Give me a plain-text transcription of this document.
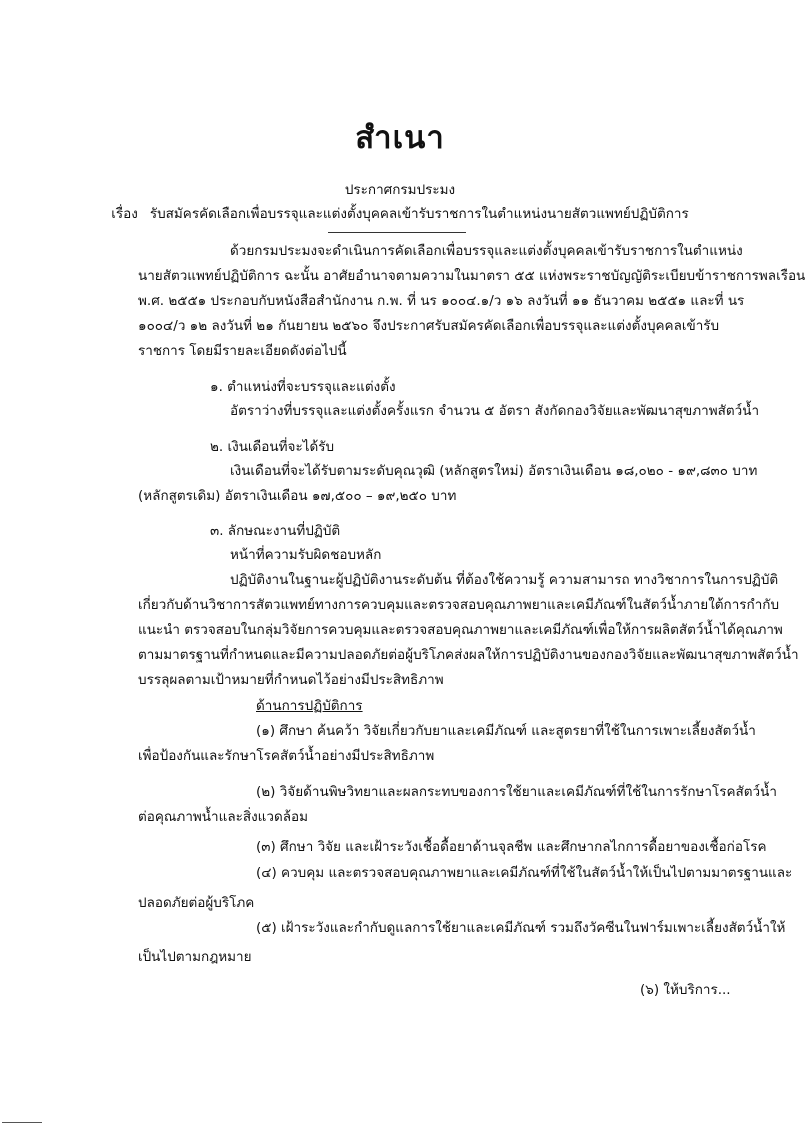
สำเนา
ประกาศกรมประมง
เรื่อง รับสมัครคัดเลือกเพื่อบรรจุและแต่งตั้งบุคคลเข้ารับราชการในตำแหน่งนายสัตวแพทย์ปฏิบัติการ
ด้วยกรมประมงจะดำเนินการคัดเลือกเพื่อบรรจุและแต่งตั้งบุคคลเข้ารับราชการในตำแหน่ง
นายสัตวแพทย์ปฏิบัติการ ฉะนั้น อาศัยอำนาจตามความในมาตรา ๕๕ แห่งพระราชบัญญัติระเบียบข้าราชการพลเรือน
พ.ศ. ๒๕๕๑ ประกอบกับหนังสือสำนักงาน ก.พ. ที่ นร ๑๐๐๔.๑/ว ๑๖ ลงวันที่ ๑๑ ธันวาคม ๒๕๕๑ และที่ นร
๑๐๐๔/ว ๑๒ ลงวันที่ ๒๑ กันยายน ๒๕๖๐ จึงประกาศรับสมัครคัดเลือกเพื่อบรรจุและแต่งตั้งบุคคลเข้ารับ
ราชการ โดยมีรายละเอียดดังต่อไปนี้
๑. ตำแหน่งที่จะบรรจุและแต่งตั้ง
อัตราว่างที่บรรจุและแต่งตั้งครั้งแรก จำนวน ๕ อัตรา สังกัดกองวิจัยและพัฒนาสุขภาพสัตว์น้ำ
๒. เงินเดือนที่จะได้รับ
เงินเดือนที่จะได้รับตามระดับคุณวุฒิ (หลักสูตรใหม่) อัตราเงินเดือน ๑๘,๐๒๐ - ๑๙,๘๓๐ บาท
(หลักสูตรเดิม) อัตราเงินเดือน ๑๗,๕๐๐ – ๑๙,๒๕๐ บาท
๓. ลักษณะงานที่ปฏิบัติ
หน้าที่ความรับผิดชอบหลัก
ปฏิบัติงานในฐานะผู้ปฏิบัติงานระดับต้น ที่ต้องใช้ความรู้ ความสามารถ ทางวิชาการในการปฏิบัติ
เกี่ยวกับด้านวิชาการสัตวแพทย์ทางการควบคุมและตรวจสอบคุณภาพยาและเคมีภัณฑ์ในสัตว์น้ำภายใต้การกำกับ
แนะนำ ตรวจสอบในกลุ่มวิจัยการควบคุมและตรวจสอบคุณภาพยาและเคมีภัณฑ์เพื่อให้การผลิตสัตว์น้ำได้คุณภาพ
ตามมาตรฐานที่กำหนดและมีความปลอดภัยต่อผู้บริโภคส่งผลให้การปฏิบัติงานของกองวิจัยและพัฒนาสุขภาพสัตว์น้ำ
บรรลุผลตามเป้าหมายที่กำหนดไว้อย่างมีประสิทธิภาพ
ด้านการปฏิบัติการ
(๑) ศึกษา ค้นคว้า วิจัยเกี่ยวกับยาและเคมีภัณฑ์ และสูตรยาที่ใช้ในการเพาะเลี้ยงสัตว์น้ำ
เพื่อป้องกันและรักษาโรคสัตว์น้ำอย่างมีประสิทธิภาพ
(๒) วิจัยด้านพิษวิทยาและผลกระทบของการใช้ยาและเคมีภัณฑ์ที่ใช้ในการรักษาโรคสัตว์น้ำ
ต่อคุณภาพน้ำและสิ่งแวดล้อม
(๓) ศึกษา วิจัย และเฝ้าระวังเชื้อดื้อยาด้านจุลชีพ และศึกษากลไกการดื้อยาของเชื้อก่อโรค
(๔) ควบคุม และตรวจสอบคุณภาพยาและเคมีภัณฑ์ที่ใช้ในสัตว์น้ำให้เป็นไปตามมาตรฐานและ
ปลอดภัยต่อผู้บริโภค
(๕) เฝ้าระวังและกำกับดูแลการใช้ยาและเคมีภัณฑ์ รวมถึงวัคซีนในฟาร์มเพาะเลี้ยงสัตว์น้ำให้
เป็นไปตามกฎหมาย
(๖) ให้บริการ...
